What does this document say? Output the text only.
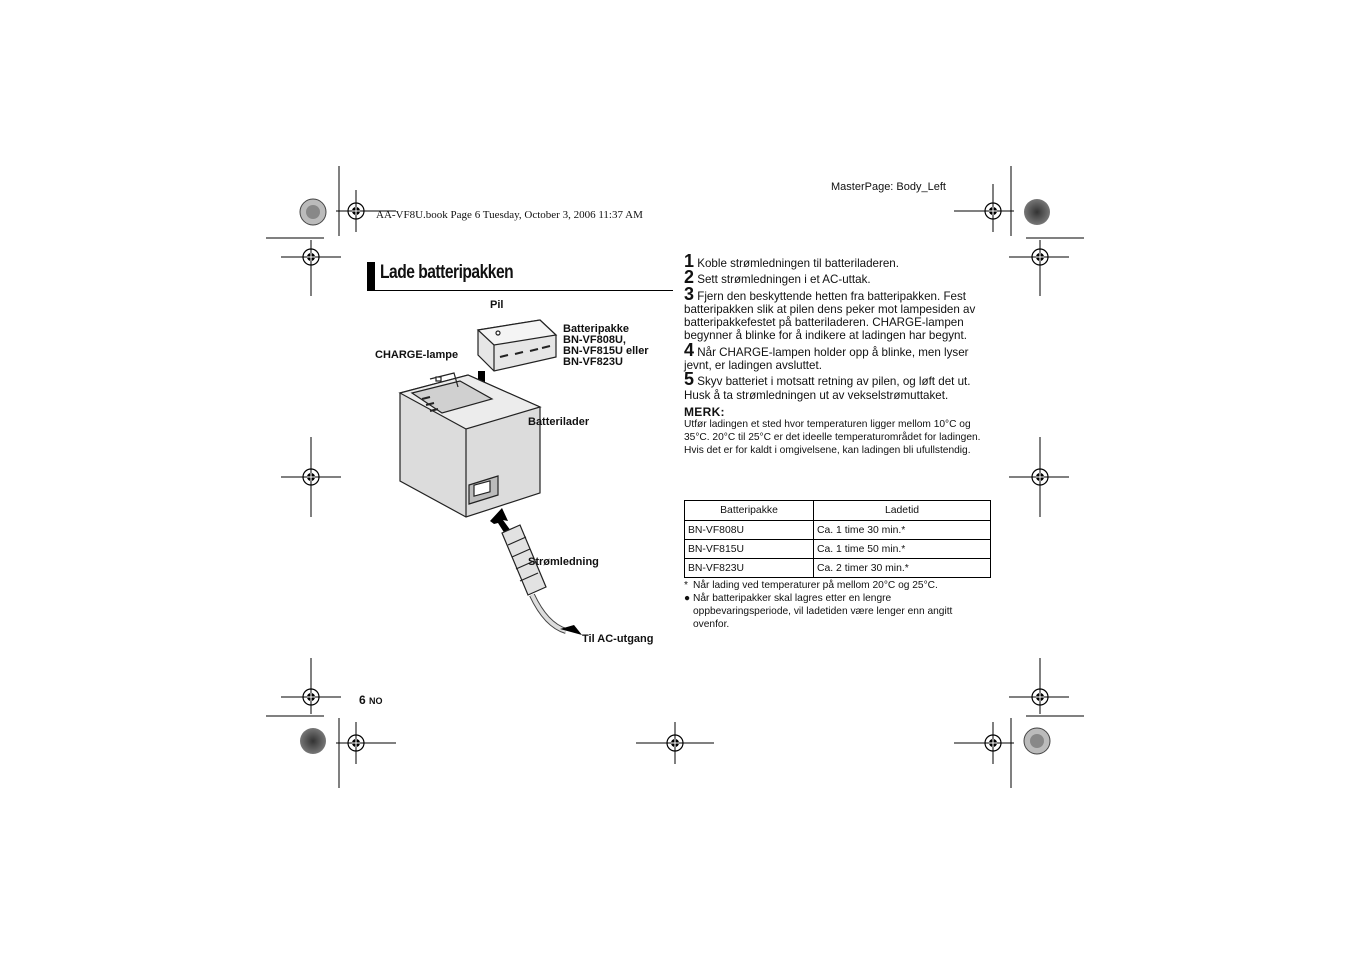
MasterPage: Body_Left
AA-VF8U.book Page 6 Tuesday, October 3, 2006 11:37 AM
Lade batteripakken
Pil
Batteripakke
BN-VF808U,
BN-VF815U eller
BN-VF823U
CHARGE-lampe
Batterilader
Strømledning
Til AC-utgang
1 Koble strømledningen til batteriladeren.
2 Sett strømledningen i et AC-uttak.
3 Fjern den beskyttende hetten fra batteripakken. Fest batteripakken slik at pilen dens peker mot lampesiden av batteripakkefestet på batteriladeren. CHARGE-lampen begynner å blinke for å indikere at ladingen har begynt.
4 Når CHARGE-lampen holder opp å blinke, men lyser jevnt, er ladingen avsluttet.
5 Skyv batteriet i motsatt retning av pilen, og løft det ut. Husk å ta strømledningen ut av vekselstrømuttaket.
MERK:
Utfør ladingen et sted hvor temperaturen ligger mellom 10°C og 35°C. 20°C til 25°C er det ideelle temperaturområdet for ladingen. Hvis det er for kaldt i omgivelsene, kan ladingen bli ufullstendig.
Batteripakke	Ladetid
BN-VF808U	Ca. 1 time 30 min.*
BN-VF815U	Ca. 1 time 50 min.*
BN-VF823U	Ca. 2 timer 30 min.*
* Når lading ved temperaturer på mellom 20°C og 25°C.
● Når batteripakker skal lagres etter en lengre oppbevaringsperiode, vil ladetiden være lenger enn angitt ovenfor.
6 NO
